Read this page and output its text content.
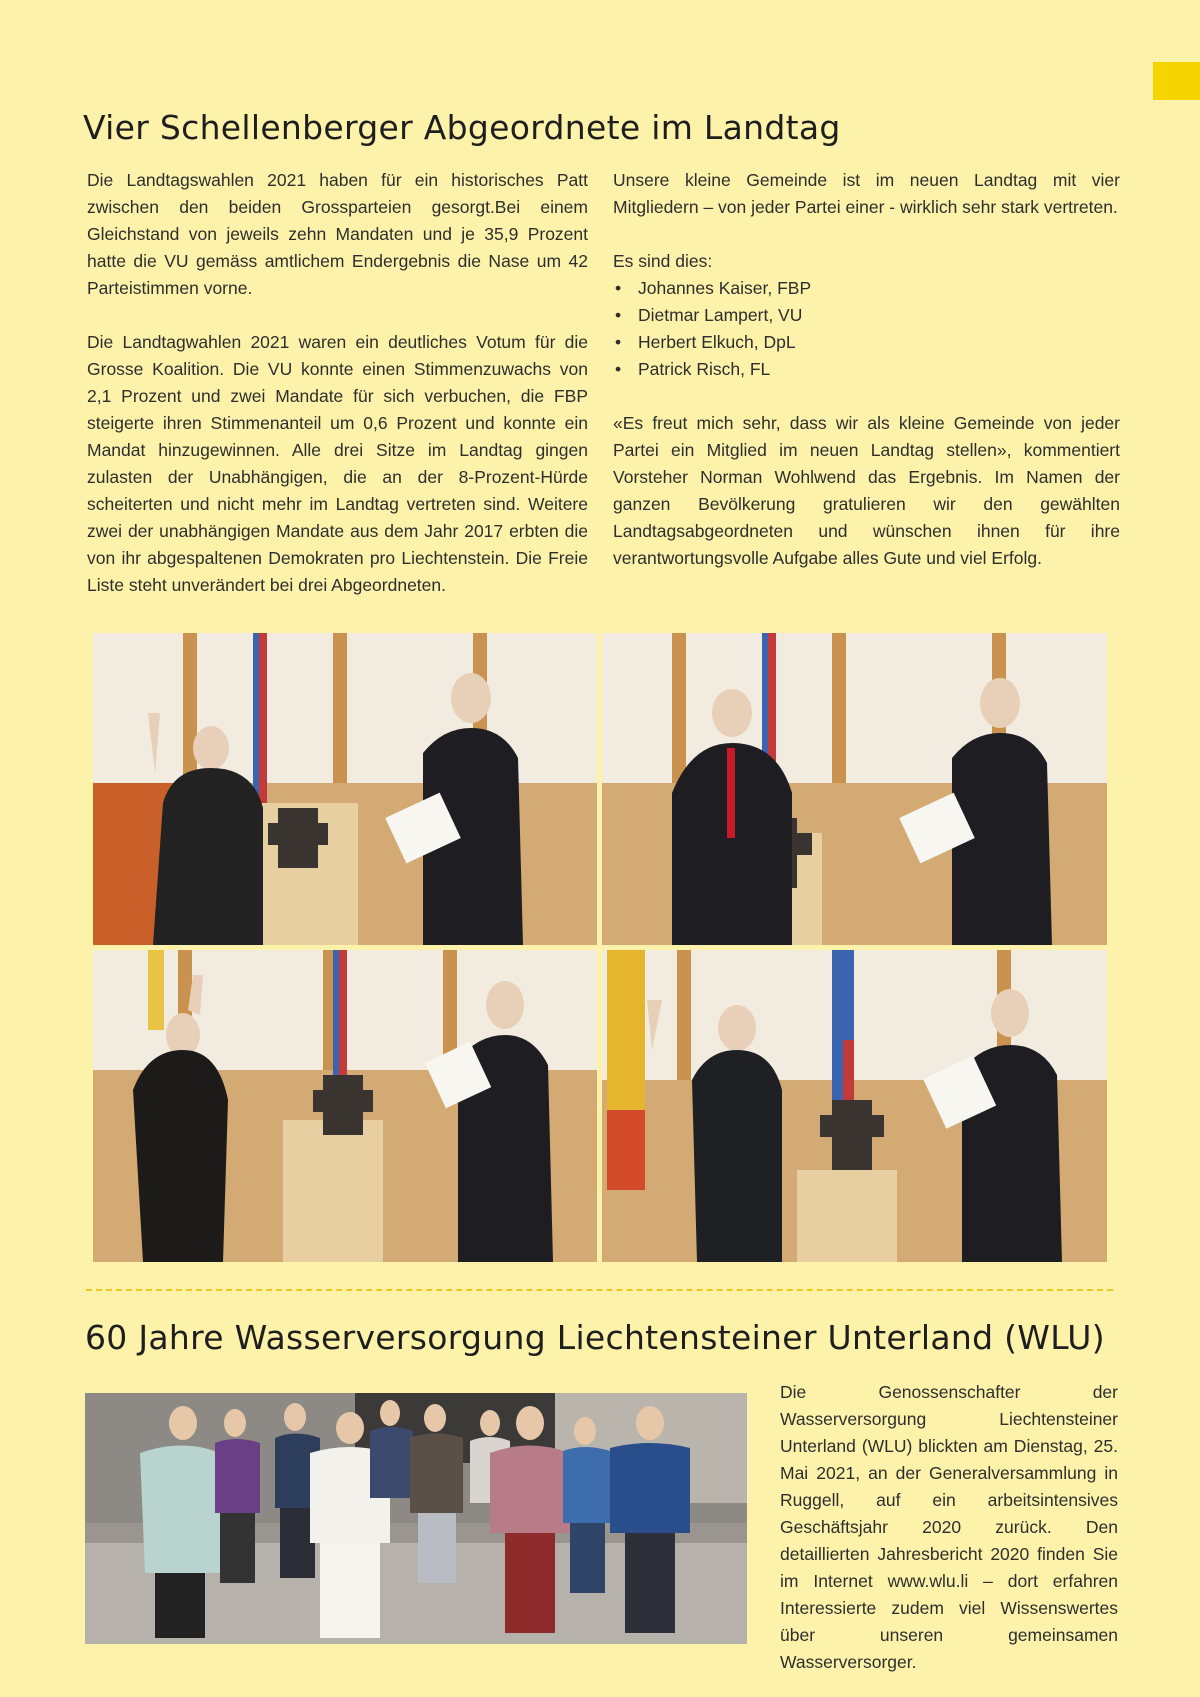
Vier Schellenberger Abgeordnete im Landtag

Die Landtagswahlen 2021 haben für ein historisches Patt zwischen den beiden Grossparteien gesorgt.Bei einem Gleichstand von jeweils zehn Mandaten und je 35,9 Prozent hatte die VU gemäss amtlichem Endergebnis die Nase um 42 Parteistimmen vorne.

Die Landtagwahlen 2021 waren ein deutliches Votum für die Grosse Koalition. Die VU konnte einen Stimmenzuwachs von 2,1 Prozent und zwei Mandate für sich verbuchen, die FBP steigerte ihren Stimmenanteil um 0,6 Prozent und konnte ein Mandat hinzugewinnen. Alle drei Sitze im Landtag gingen zulasten der Unabhängigen, die an der 8-Prozent-Hürde scheiterten und nicht mehr im Landtag vertreten sind. Weitere zwei der unabhängigen Mandate aus dem Jahr 2017 erbten die von ihr abgespaltenen Demokraten pro Liechtenstein. Die Freie Liste steht unverändert bei drei Abgeordneten.

Unsere kleine Gemeinde ist im neuen Landtag mit vier Mitgliedern – von jeder Partei einer - wirklich sehr stark vertreten.

Es sind dies:
• Johannes Kaiser, FBP
• Dietmar Lampert, VU
• Herbert Elkuch, DpL
• Patrick Risch, FL

«Es freut mich sehr, dass wir als kleine Gemeinde von jeder Partei ein Mitglied im neuen Landtag stellen», kommentiert Vorsteher Norman Wohlwend das Ergebnis. Im Namen der ganzen Bevölkerung gratulieren wir den gewählten Landtagsabgeordneten und wünschen ihnen für ihre verantwortungsvolle Aufgabe alles Gute und viel Erfolg.

60 Jahre Wasserversorgung Liechtensteiner Unterland (WLU)

Die Genossenschafter der Wasserversorgung Liechtensteiner Unterland (WLU) blickten am Dienstag, 25. Mai 2021, an der Generalversammlung in Ruggell, auf ein arbeitsintensives Geschäftsjahr 2020 zurück. Den detaillierten Jahresbericht 2020 finden Sie im Internet www.wlu.li – dort erfahren Interessierte zudem viel Wissenswertes über unseren gemeinsamen Wasserversorger.
